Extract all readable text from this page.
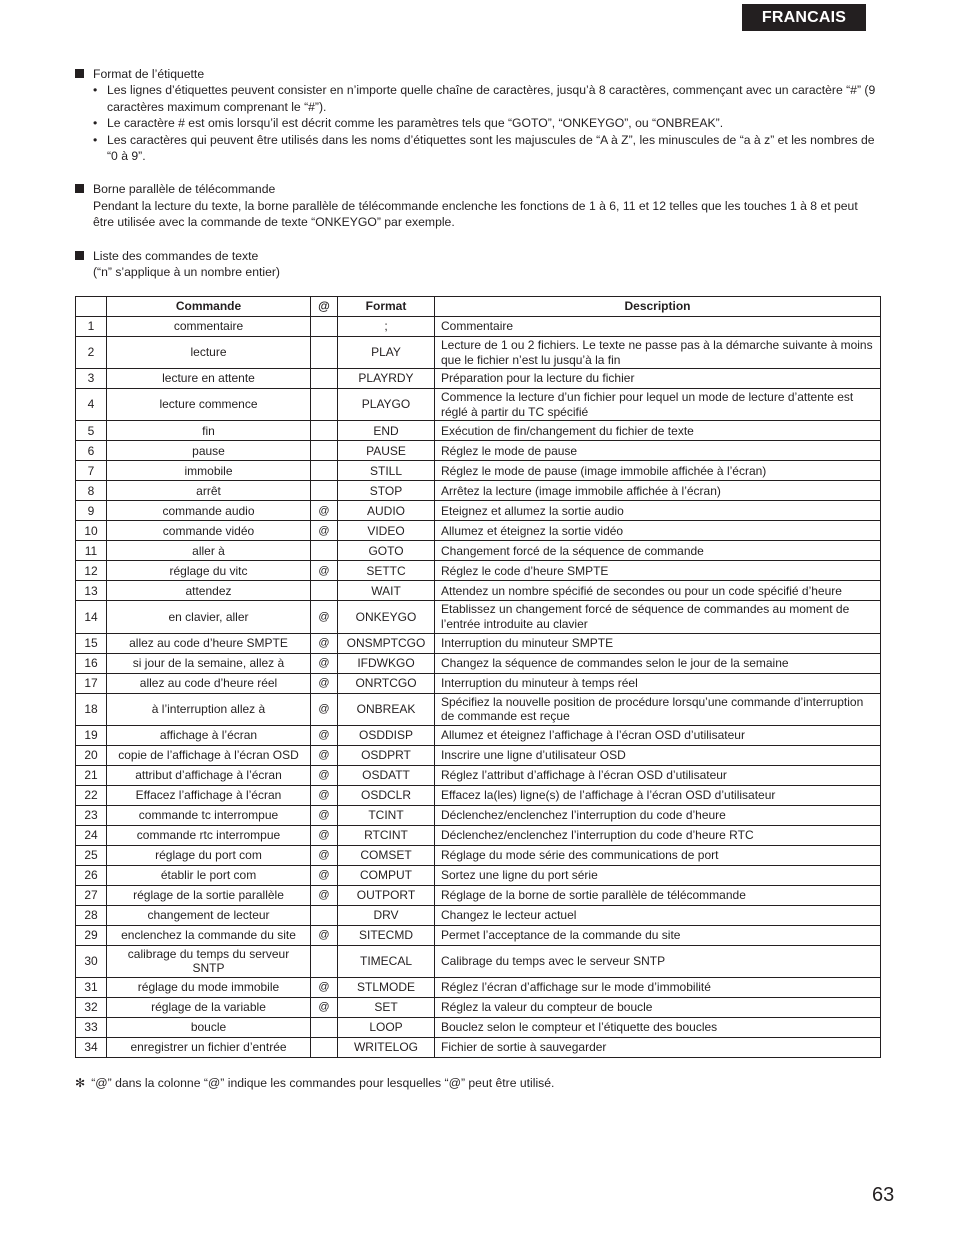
FRANCAIS
Format de l’étiquette
• Les lignes d’étiquettes peuvent consister en n’importe quelle chaîne de caractères, jusqu’à 8 caractères, commençant avec un caractère “#” (9 caractères maximum comprenant le “#”).
• Le caractère # est omis lorsqu’il est décrit comme les paramètres tels que “GOTO”, “ONKEYGO”, ou “ONBREAK”.
• Les caractères qui peuvent être utilisés dans les noms d’étiquettes sont les majuscules de “A à Z”, les minuscules de “a à z” et les nombres de “0 à 9”.
Borne parallèle de télécommande
Pendant la lecture du texte, la borne parallèle de télécommande enclenche les fonctions de 1 à 6, 11 et 12 telles que les touches 1 à 8 et peut être utilisée avec la commande de texte “ONKEYGO” par exemple.
Liste des commandes de texte
(“n” s’applique à un nombre entier)
	Commande	@	Format	Description
1	commentaire		;	Commentaire
2	lecture		PLAY	Lecture de 1 ou 2 fichiers. Le texte ne passe pas à la démarche suivante à moins que le fichier n’est lu jusqu’à la fin
3	lecture en attente		PLAYRDY	Préparation pour la lecture du fichier
4	lecture commence		PLAYGO	Commence la lecture d’un fichier pour lequel un mode de lecture d’attente est réglé à partir du TC spécifié
5	fin		END	Exécution de fin/changement du fichier de texte
6	pause		PAUSE	Réglez le mode de pause
7	immobile		STILL	Réglez le mode de pause (image immobile affichée à l’écran)
8	arrêt		STOP	Arrêtez la lecture (image immobile affichée à l’écran)
9	commande audio	@	AUDIO	Eteignez et allumez la sortie audio
10	commande vidéo	@	VIDEO	Allumez et éteignez la sortie vidéo
11	aller à		GOTO	Changement forcé de la séquence de commande
12	réglage du vitc	@	SETTC	Réglez le code d’heure SMPTE
13	attendez		WAIT	Attendez un nombre spécifié de secondes ou pour un code spécifié d’heure
14	en clavier, aller	@	ONKEYGO	Etablissez un changement forcé de séquence de commandes au moment de l’entrée introduite au clavier
15	allez au code d’heure SMPTE	@	ONSMPTCGO	Interruption du minuteur SMPTE
16	si jour de la semaine, allez à	@	IFDWKGO	Changez la séquence de commandes selon le jour de la semaine
17	allez au code d’heure réel	@	ONRTCGO	Interruption du minuteur à temps réel
18	à l’interruption allez à	@	ONBREAK	Spécifiez la nouvelle position de procédure lorsqu’une commande d’interruption de commande est reçue
19	affichage à l’écran	@	OSDDISP	Allumez et éteignez l’affichage à l’écran OSD d’utilisateur
20	copie de l’affichage à l’écran OSD	@	OSDPRT	Inscrire une ligne d’utilisateur OSD
21	attribut d’affichage à l’écran	@	OSDATT	Réglez l’attribut d’affichage à l’écran OSD d’utilisateur
22	Effacez l’affichage à l’écran	@	OSDCLR	Effacez la(les) ligne(s) de l’affichage à l’écran OSD d’utilisateur
23	commande tc interrompue	@	TCINT	Déclenchez/enclenchez l’interruption du code d’heure
24	commande rtc interrompue	@	RTCINT	Déclenchez/enclenchez l’interruption du code d’heure RTC
25	réglage du port com	@	COMSET	Réglage du mode série des communications de port
26	établir le port com	@	COMPUT	Sortez une ligne du port série
27	réglage de la sortie parallèle	@	OUTPORT	Réglage de la borne de sortie parallèle de télécommande
28	changement de lecteur		DRV	Changez le lecteur actuel
29	enclenchez la commande du site	@	SITECMD	Permet l’acceptance de la commande du site
30	calibrage du temps du serveur SNTP		TIMECAL	Calibrage du temps avec le serveur SNTP
31	réglage du mode immobile	@	STLMODE	Réglez l’écran d’affichage sur le mode d’immobilité
32	réglage de la variable	@	SET	Réglez la valeur du compteur de boucle
33	boucle		LOOP	Bouclez selon le compteur et l’étiquette des boucles
34	enregistrer un fichier d’entrée		WRITELOG	Fichier de sortie à sauvegarder
✻ “@” dans la colonne “@” indique les commandes pour lesquelles “@” peut être utilisé.
63
